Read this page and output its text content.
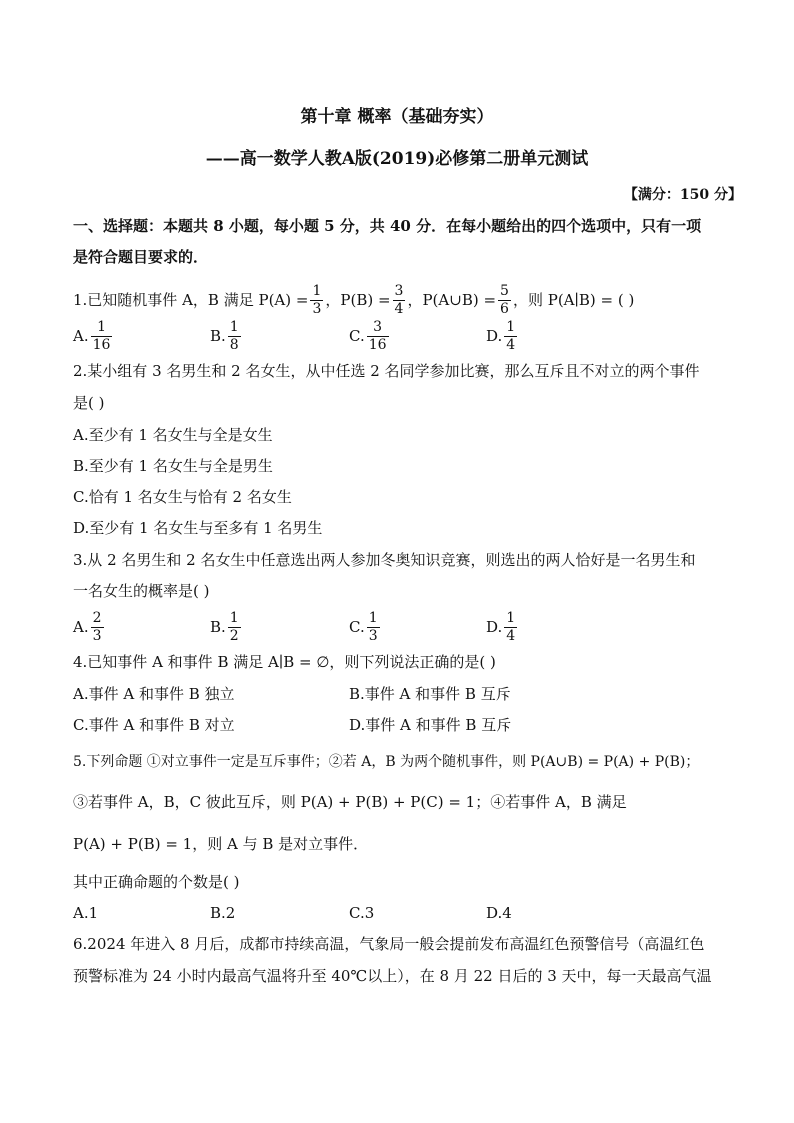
第十章 概率（基础夯实）
——高一数学人教A版(2019)必修第二册单元测试
【满分：150 分】
一、选择题：本题共 8 小题，每小题 5 分，共 40 分．在每小题给出的四个选项中，只有一项
是符合题目要求的．
1.已知随机事件 A，B 满足 $P(A) = \frac{1}{3}$ ，$P(B) = \frac{3}{4}$ ，P(A∪B) = $\frac{5}{6}$ ，则 P(A∣B) = ( )
A. $\frac{1}{16}$	B. $\frac{1}{8}$	C. $\frac{3}{16}$	D. $\frac{1}{4}$
2.某小组有 3 名男生和 2 名女生，从中任选 2 名同学参加比赛，那么互斥且不对立的两个事件
是( )
A.至少有 1 名女生与全是女生
B.至少有 1 名女生与全是男生
C.恰有 1 名女生与恰有 2 名女生
D.至少有 1 名女生与至多有 1 名男生
3.从 2 名男生和 2 名女生中任意选出两人参加冬奥知识竞赛，则选出的两人恰好是一名男生和
一名女生的概率是( )
A. $\frac{2}{3}$	B. $\frac{1}{2}$	C. $\frac{1}{3}$	D. $\frac{1}{4}$
4.已知事件 A 和事件 B 满足 A∣B = ∅，则下列说法正确的是( )
A.事件 A 和事件 B 独立	B.事件 A 和事件 B 互斥
C.事件 A 和事件 B 对立	D.事件 A 和事件 B 互斥
5.下列命题 ①对立事件一定是互斥事件；②若 A，B 为两个随机事件，则 P(A∪B) = P(A) + P(B)；
③若事件 A，B，C 彼此互斥，则 P(A) + P(B) + P(C) = 1；④若事件 A，B 满足
P(A) + P(B) = 1，则 A 与 B 是对立事件．
其中正确命题的个数是( )
A.1	B.2	C.3	D.4
6.2024 年进入 8 月后，成都市持续高温，气象局一般会提前发布高温红色预警信号（高温红色
预警标准为 24 小时内最高气温将升至 40℃以上），在 8 月 22 日后的 3 天中，每一天最高气温
